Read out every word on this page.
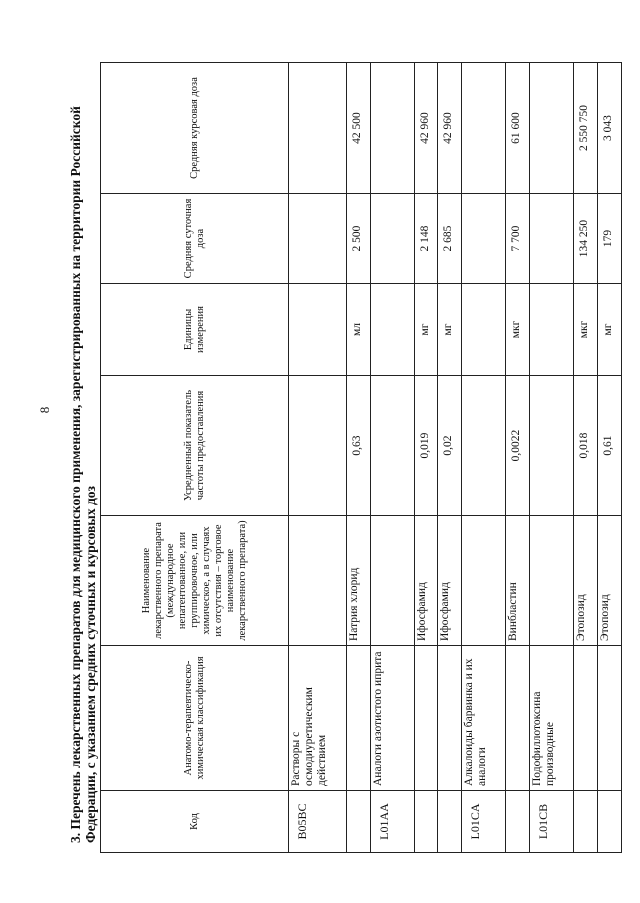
8 3. Перечень лекарственных препаратов для медицинского применения, зарегистрированных на территории Российской Федерации, с указанием средних суточных и курсовых доз	Код	Анатомо-терапевтическо-химическая классификация	Наименование лекарственного препарата (международное непатентованное, или группировочное, или химическое, а в случаях их отсутствия – торговое наименование лекарственного препарата)	Усредненный показатель частоты предоставления	Единицы измерения	Средняя суточная доза	Средняя курсовая доза
B05BC	Растворы с осмодиуретическим действием					
		Натрия хлорид	0,63	мл	2 500	42 500
L01AA	Аналоги азотистого иприта					
		Ифосфамид	0,019	мг	2 148	42 960
		Ифосфамид	0,02	мг	2 685	42 960
L01CA	Алкалоиды барвинка и их аналоги					
		Винбластин	0,0022	мкг	7 700	61 600
L01CB	Подофиллотоксина производные					
		Этопозид	0,018	мкг	134 250	2 550 750
		Этопозид	0,61	мг	179	3 043
